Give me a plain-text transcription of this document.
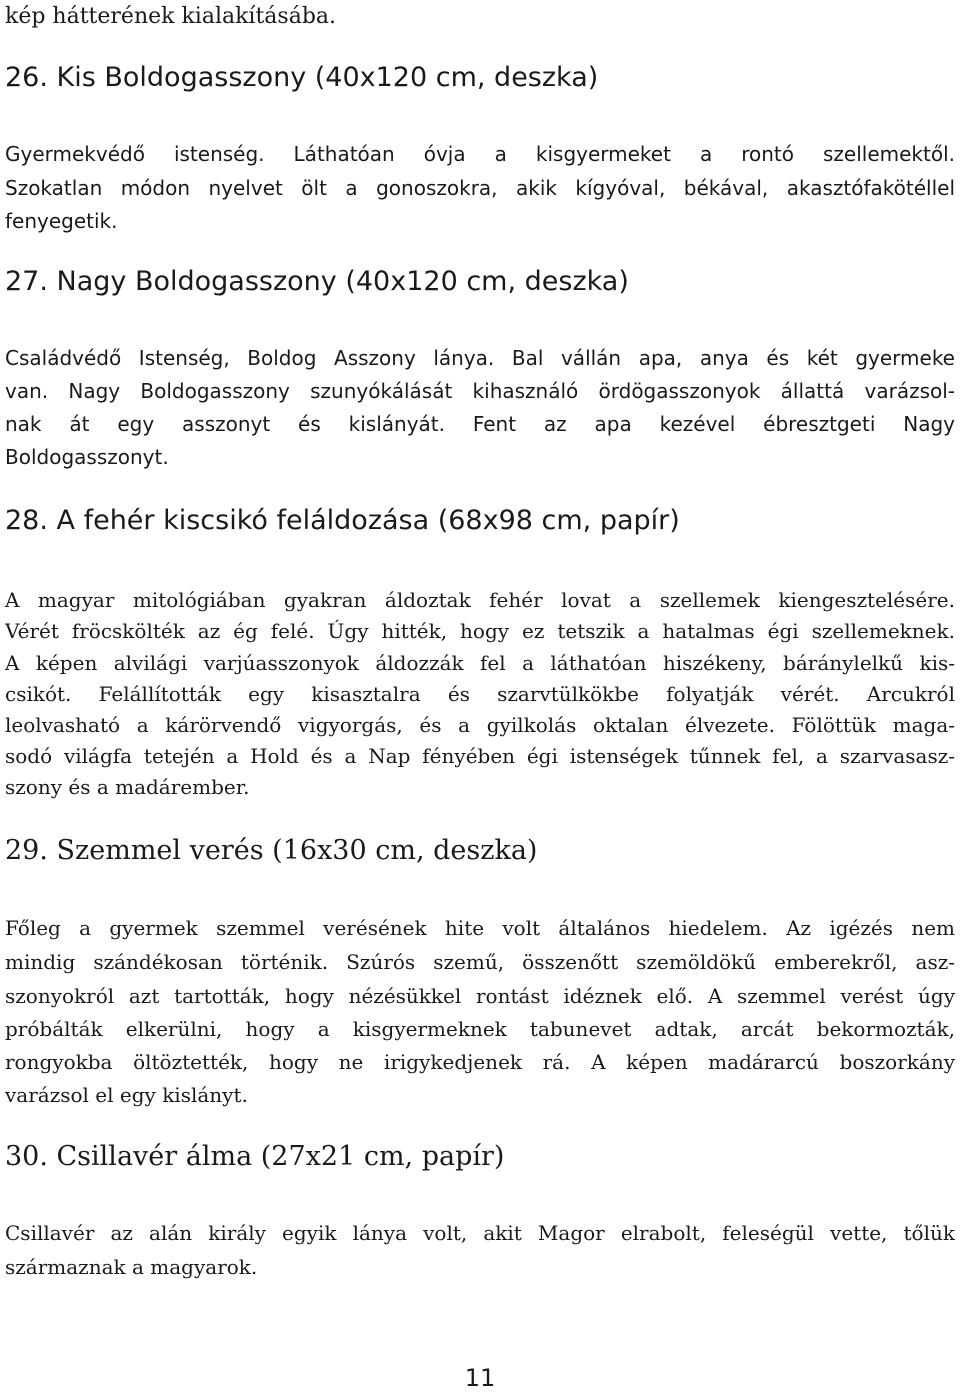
kép hátterének kialakításába.
26. Kis Boldogasszony (40x120 cm, deszka)
Gyermekvédő istenség. Láthatóan óvja a kisgyermeket a rontó szellemektől.
Szokatlan módon nyelvet ölt a gonoszokra, akik kígyóval, békával, akasztófakötéllel
fenyegetik.
27. Nagy Boldogasszony (40x120 cm, deszka)
Családvédő Istenség, Boldog Asszony lánya. Bal vállán apa, anya és két gyermeke
van. Nagy Boldogasszony szunyókálását kihasználó ördögasszonyok állattá varázsol-
nak át egy asszonyt és kislányát. Fent az apa kezével ébresztgeti Nagy
Boldogasszonyt.
28. A fehér kiscsikó feláldozása (68x98 cm, papír)
A magyar mitológiában gyakran áldoztak fehér lovat a szellemek kiengesztelésére.
Vérét fröcskölték az ég felé. Úgy hitték, hogy ez tetszik a hatalmas égi szellemeknek.
A képen alvilági varjúasszonyok áldozzák fel a láthatóan hiszékeny, báránylelkű kis-
csikót. Felállították egy kisasztalra és szarvtülkökbe folyatják vérét. Arcukról
leolvasható a kárörvendő vigyorgás, és a gyilkolás oktalan élvezete. Fölöttük maga-
sodó világfa tetején a Hold és a Nap fényében égi istenségek tűnnek fel, a szarvasasz-
szony és a madárember.
29. Szemmel verés (16x30 cm, deszka)
Főleg a gyermek szemmel verésének hite volt általános hiedelem. Az igézés nem
mindig szándékosan történik. Szúrós szemű, összenőtt szemöldökű emberekről, asz-
szonyokról azt tartották, hogy nézésükkel rontást idéznek elő. A szemmel verést úgy
próbálták elkerülni, hogy a kisgyermeknek tabunevet adtak, arcát bekormozták,
rongyokba öltöztették, hogy ne irigykedjenek rá. A képen madárarcú boszorkány
varázsol el egy kislányt.
30. Csillavér álma (27x21 cm, papír)
Csillavér az alán király egyik lánya volt, akit Magor elrabolt, feleségül vette, tőlük
származnak a magyarok.
11
